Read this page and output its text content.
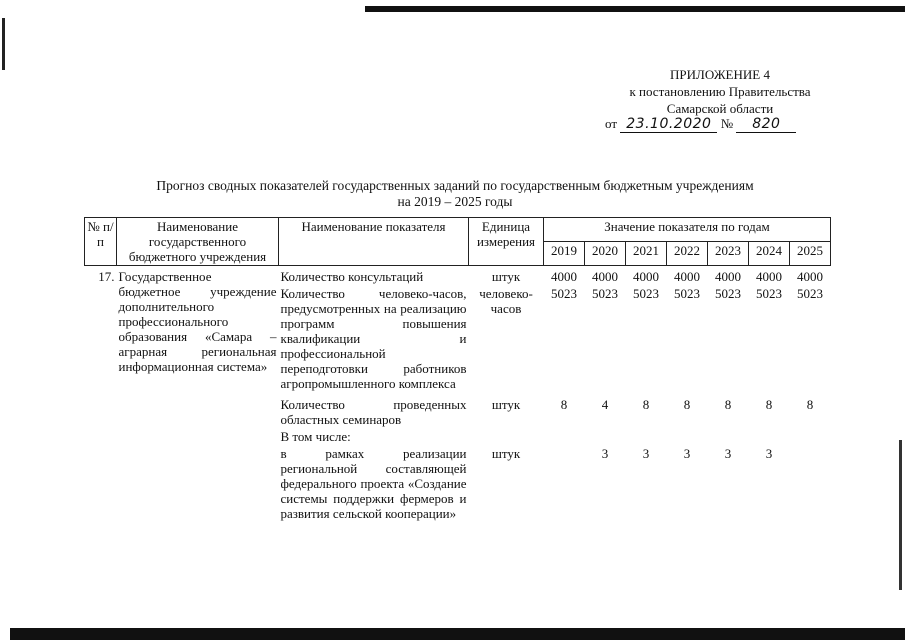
ПРИЛОЖЕНИЕ 4
к постановлению Правительства
Самарской области
от 23.10.2020 № 820
Прогноз сводных показателей государственных заданий по государственным бюджетным учреждениям
на 2019 – 2025 годы
№ п/п	Наименование государственного бюджетного учреждения	Наименование показателя	Единица измерения	Значение показателя по годам						
				2019	2020	2021	2022	2023	2024	2025
17.	Государственное бюджетное учреждение дополнительного профессионального образования «Самара – аграрная региональная информационная система»	Количество консультаций	штук	4000	4000	4000	4000	4000	4000	4000
		Количество человеко-часов, предусмотренных на реализацию программ повышения квалификации и профессиональной переподготовки работников агропромышленного комплекса	человеко-часов	5023	5023	5023	5023	5023	5023	5023
		Количество проведенных областных семинаров	штук	8	4	8	8	8	8	8
		В том числе:								
		в рамках реализации региональной составляющей федерального проекта «Создание системы поддержки фермеров и развития сельской кооперации»	штук		3	3	3	3	3	
